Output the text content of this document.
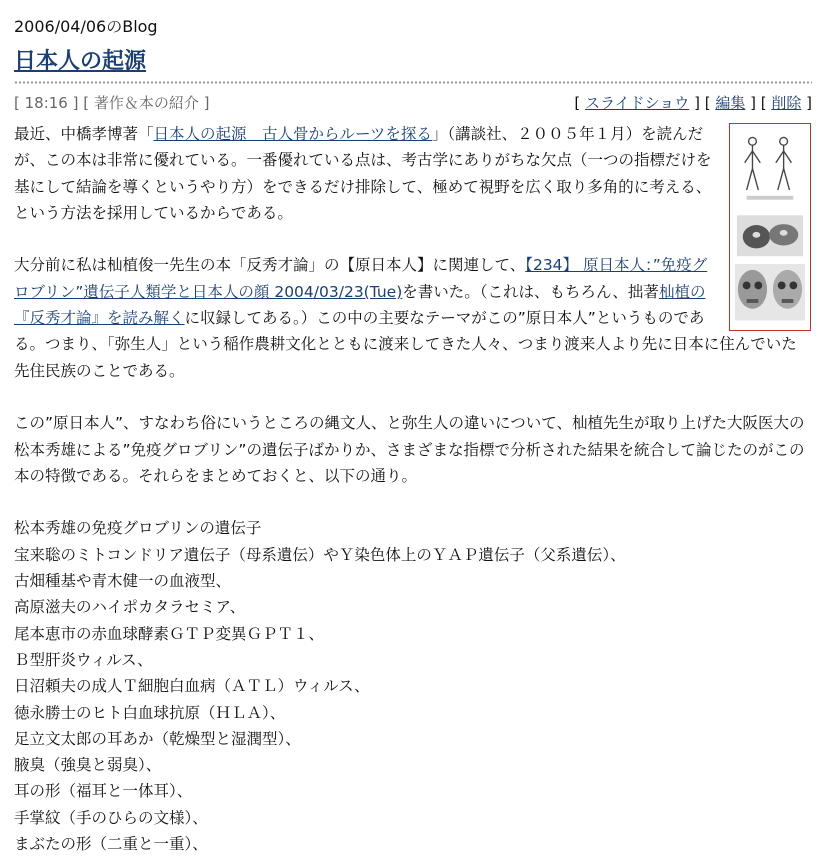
2006/04/06のBlog
日本人の起源
[ 18:16 ] [ 著作＆本の紹介 ]	[ スライドショウ ] [ 編集 ] [ 削除 ]

最近、中橋孝博著「日本人の起源　古人骨からルーツを探る」（講談社、２００５年１月）を読んだが、この本は非常に優れている。一番優れている点は、考古学にありがちな欠点（一つの指標だけを基にして結論を導くというやり方）をできるだけ排除して、極めて視野を広く取り多角的に考える、という方法を採用しているからである。

大分前に私は杣植俊一先生の本「反秀才論」の【原日本人】に関連して、【234】 原日本人：”免疫グロブリン”遺伝子人類学と日本人の顔 2004/03/23(Tue)を書いた。（これは、もちろん、拙著杣植の『反秀才論』を読み解くに収録してある。）この中の主要なテーマがこの”原日本人”というものである。つまり、「弥生人」という稲作農耕文化とともに渡来してきた人々、つまり渡来人より先に日本に住んでいた先住民族のことである。

この”原日本人”、すなわち俗にいうところの縄文人、と弥生人の違いについて、杣植先生が取り上げた大阪医大の松本秀雄による”免疫グロブリン”の遺伝子ばかりか、さまざまな指標で分析された結果を統合して論じたのがこの本の特徴である。それらをまとめておくと、以下の通り。

松本秀雄の免疫グロブリンの遺伝子

宝来聡のミトコンドリア遺伝子（母系遺伝）やＹ染色体上のＹＡＰ遺伝子（父系遺伝）、

古畑種基や青木健一の血液型、

高原滋夫のハイポカタラセミア、

尾本恵市の赤血球酵素ＧＴＰ変異ＧＰＴ１、

Ｂ型肝炎ウィルス、

日沼頼夫の成人Ｔ細胞白血病（ＡＴＬ）ウィルス、

徳永勝士のヒト白血球抗原（ＨＬＡ）、

足立文太郎の耳あか（乾燥型と湿潤型）、

腋臭（強臭と弱臭）、

耳の形（福耳と一体耳）、

手掌紋（手のひらの文様）、

まぶたの形（二重と一重）、
